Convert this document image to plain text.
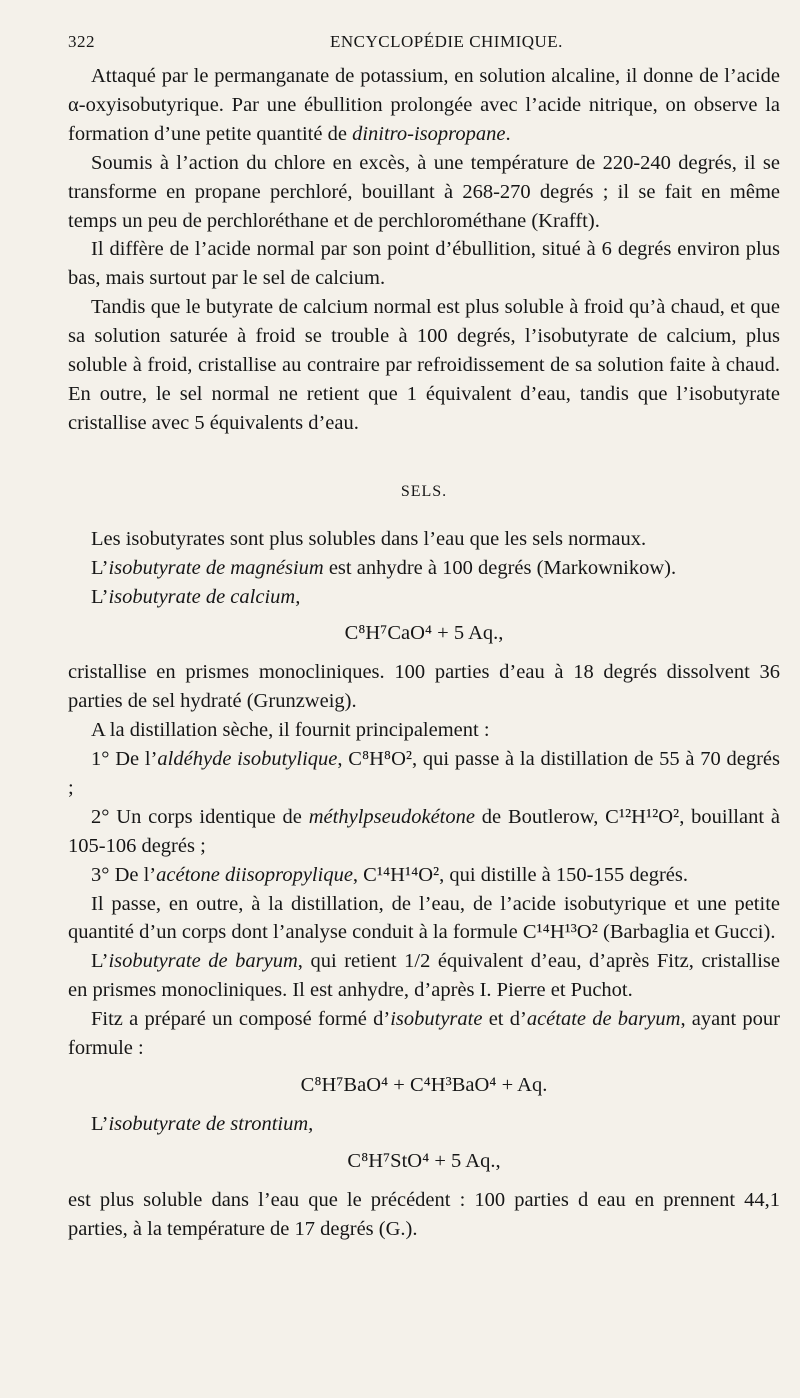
322	ENCYCLOPÉDIE CHIMIQUE.

Attaqué par le permanganate de potassium, en solution alcaline, il donne de l’acide α-oxyisobutyrique. Par une ébullition prolongée avec l’acide nitrique, on observe la formation d’une petite quantité de dinitro-isopropane.

Soumis à l’action du chlore en excès, à une température de 220-240 degrés, il se transforme en propane perchloré, bouillant à 268-270 degrés ; il se fait en même temps un peu de perchloréthane et de perchlorométhane (Krafft).

Il diffère de l’acide normal par son point d’ébullition, situé à 6 degrés environ plus bas, mais surtout par le sel de calcium.

Tandis que le butyrate de calcium normal est plus soluble à froid qu’à chaud, et que sa solution saturée à froid se trouble à 100 degrés, l’isobutyrate de calcium, plus soluble à froid, cristallise au contraire par refroidissement de sa solution faite à chaud. En outre, le sel normal ne retient que 1 équivalent d’eau, tandis que l’isobutyrate cristallise avec 5 équivalents d’eau.

SELS.

Les isobutyrates sont plus solubles dans l’eau que les sels normaux.

L’isobutyrate de magnésium est anhydre à 100 degrés (Markownikow).

L’isobutyrate de calcium,

C⁸H⁷CaO⁴ + 5 Aq.,

cristallise en prismes monocliniques. 100 parties d’eau à 18 degrés dissolvent 36 parties de sel hydraté (Grunzweig).

A la distillation sèche, il fournit principalement :

1° De l’aldéhyde isobutylique, C⁸H⁸O², qui passe à la distillation de 55 à 70 degrés ;

2° Un corps identique de méthylpseudokétone de Boutlerow, C¹²H¹²O², bouillant à 105-106 degrés ;

3° De l’acétone diisopropylique, C¹⁴H¹⁴O², qui distille à 150-155 degrés.

Il passe, en outre, à la distillation, de l’eau, de l’acide isobutyrique et une petite quantité d’un corps dont l’analyse conduit à la formule C¹⁴H¹³O² (Barbaglia et Gucci).

L’isobutyrate de baryum, qui retient 1/2 équivalent d’eau, d’après Fitz, cristallise en prismes monocliniques. Il est anhydre, d’après I. Pierre et Puchot.

Fitz a préparé un composé formé d’isobutyrate et d’acétate de baryum, ayant pour formule :

C⁸H⁷BaO⁴ + C⁴H³BaO⁴ + Aq.

L’isobutyrate de strontium,

C⁸H⁷StO⁴ + 5 Aq.,

est plus soluble dans l’eau que le précédent : 100 parties d eau en prennent 44,1 parties, à la température de 17 degrés (G.).
